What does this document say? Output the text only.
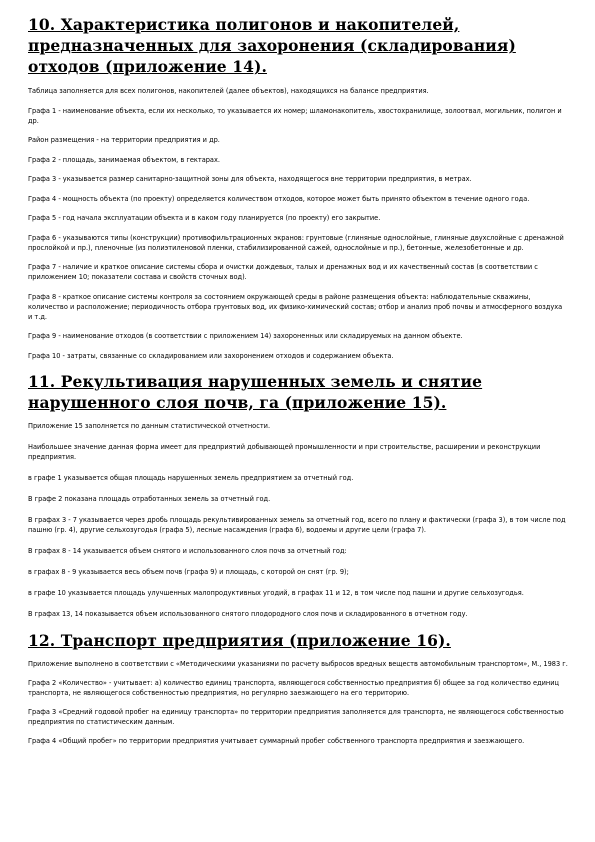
10. Характеристика полигонов и накопителей, предназначенных для захоронения (складирования) отходов (приложение 14).

Таблица заполняется для всех полигонов, накопителей (далее объектов), находящихся на балансе предприятия.

Графа 1 - наименование объекта, если их несколько, то указывается их номер; шламонакопитель, хвостохранилище, золоотвал, могильник, полигон и др.

Район размещения - на территории предприятия и др.

Графа 2 - площадь, занимаемая объектом, в гектарах.

Графа 3 - указывается размер санитарно-защитной зоны для объекта, находящегося вне территории предприятия, в метрах.

Графа 4 - мощность объекта (по проекту) определяется количеством отходов, которое может быть принято объектом в течение одного года.

Графа 5 - год начала эксплуатации объекта и в каком году планируется (по проекту) его закрытие.

Графа 6 - указываются типы (конструкции) противофильтрационных экранов: грунтовые (глиняные однослойные, глиняные двухслойные с дренажной прослойкой и пр.), пленочные (из полиэтиленовой пленки, стабилизированной сажей, однослойные и пр.), бетонные, железобетонные и др.

Графа 7 - наличие и краткое описание системы сбора и очистки дождевых, талых и дренажных вод и их качественный состав (в соответствии с приложением 10; показатели состава и свойств сточных вод).

Графа 8 - краткое описание системы контроля за состоянием окружающей среды в районе размещения объекта: наблюдательные скважины, количество и расположение; периодичность отбора грунтовых вод, их физико-химический состав; отбор и анализ проб почвы и атмосферного воздуха и т.д.

Графа 9 - наименование отходов (в соответствии с приложением 14) захороненных или складируемых на данном объекте.

Графа 10 - затраты, связанные со складированием или захоронением отходов и содержанием объекта.

11. Рекультивация нарушенных земель и снятие нарушенного слоя почв, га (приложение 15).

Приложение 15 заполняется по данным статистической отчетности.

Наибольшее значение данная форма имеет для предприятий добывающей промышленности и при строительстве, расширении и реконструкции предприятия.

в графе 1 указывается общая площадь нарушенных земель предприятием за отчетный год.

В графе 2 показана площадь отработанных земель за отчетный год.

В графах 3 - 7 указывается через дробь площадь рекультивированных земель за отчетный год, всего по плану и фактически (графа 3), в том числе под пашню (гр. 4), другие сельхозугодья (графа 5), лесные насаждения (графа 6), водоемы и другие цели (графа 7).

В графах 8 - 14 указывается объем снятого и использованного слоя почв за отчетный год:

в графах 8 - 9 указывается весь объем почв (графа 9) и площадь, с которой он снят (гр. 9);

в графе 10 указывается площадь улучшенных малопродуктивных угодий, в графах 11 и 12, в том числе под пашни и другие сельхозугодья.

В графах 13, 14 показывается объем использованного снятого плодородного слоя почв и складированного в отчетном году.

12. Транспорт предприятия (приложение 16).

Приложение выполнено в соответствии с «Методическими указаниями по расчету выбросов вредных веществ автомобильным транспортом», М., 1983 г.

Графа 2 «Количество» - учитывает: а) количество единиц транспорта, являющегося собственностью предприятия б) общее за год количество единиц транспорта, не являющегося собственностью предприятия, но регулярно заезжающего на его территорию.

Графа 3 «Средний годовой пробег на единицу транспорта» по территории предприятия заполняется для транспорта, не являющегося собственностью предприятия по статистическим данным.

Графа 4 «Общий пробег» по территории предприятия учитывает суммарный пробег собственного транспорта предприятия и заезжающего.
